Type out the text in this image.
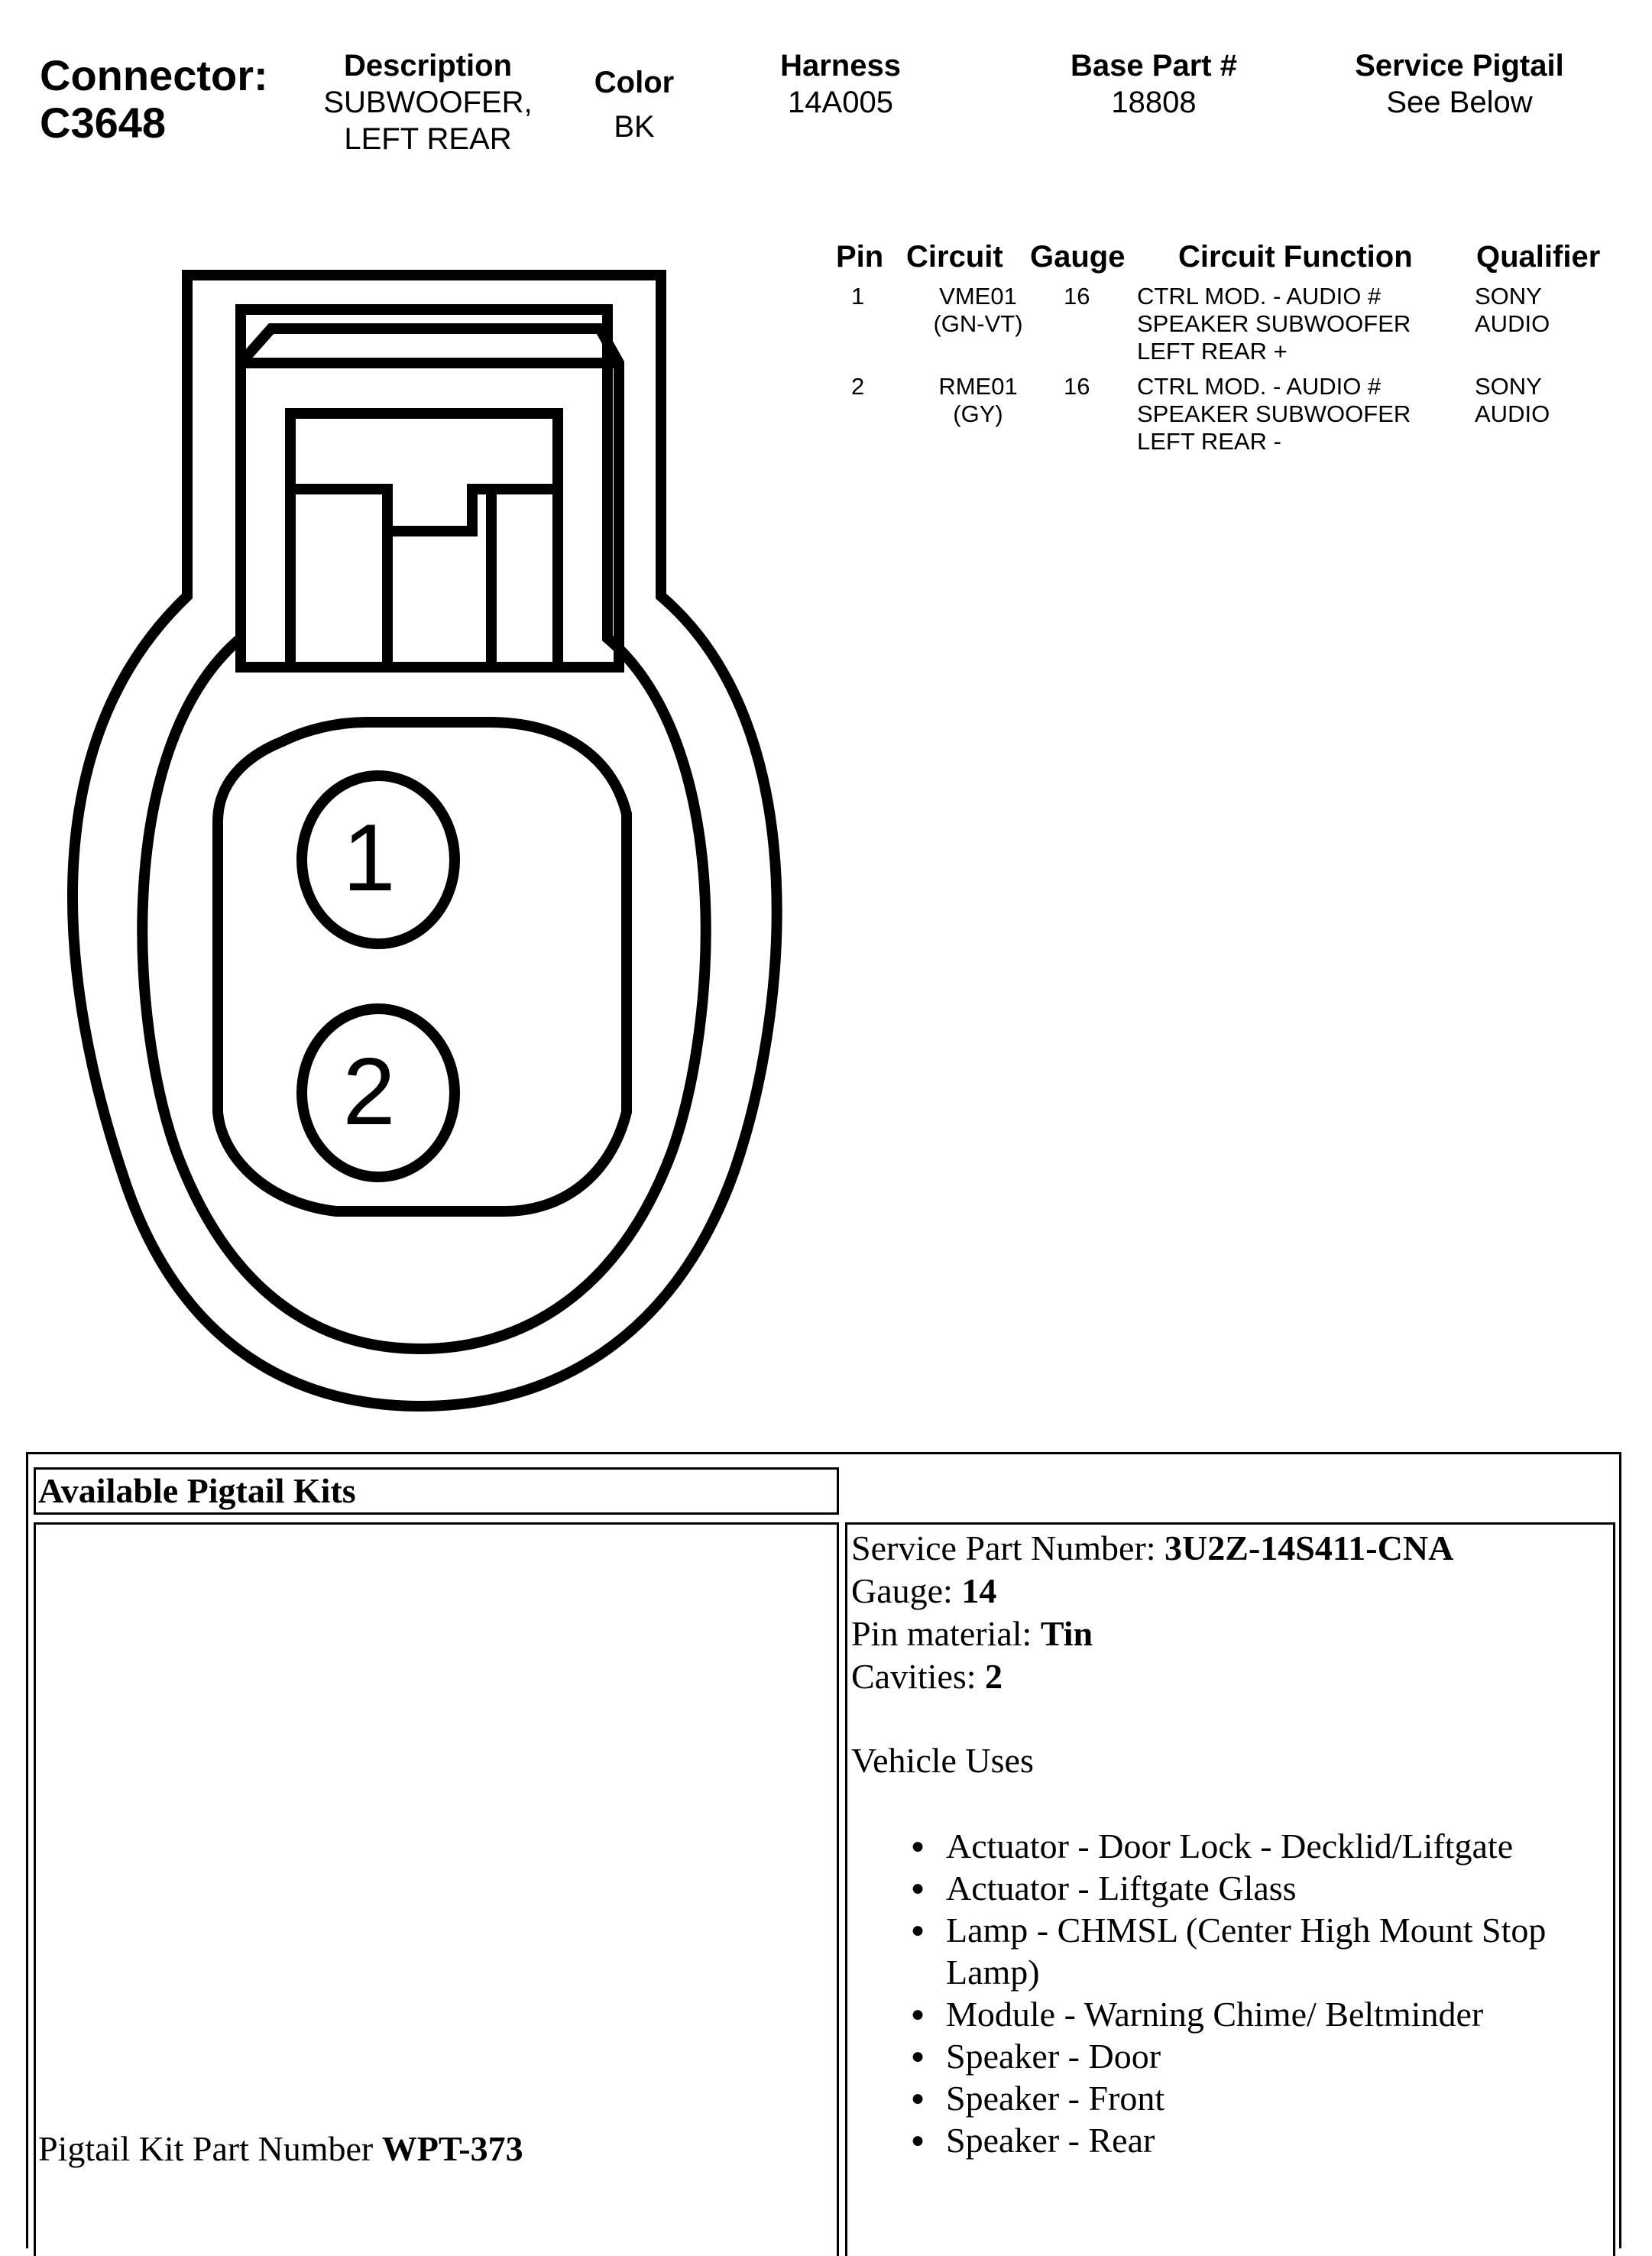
Connector:
C3648
Description
SUBWOOFER,
LEFT REAR
Color
BK
Harness
14A005
Base Part #
18808
Service Pigtail
See Below
Pin Circuit Gauge Circuit Function Qualifier
1	VME01
(GN-VT)
16 CTRL MOD. - AUDIO #
SPEAKER SUBWOOFER
LEFT REAR +
SONY
AUDIO
2	RME01
(GY)
16 CTRL MOD. - AUDIO #
SPEAKER SUBWOOFER
LEFT REAR -
SONY
AUDIO
1
2
Available Pigtail Kits
Service Part Number: 3U2Z-14S411-CNA
Gauge: 14
Pin material: Tin
Cavities: 2
Vehicle Uses
● Actuator - Door Lock - Decklid/Liftgate
● Actuator - Liftgate Glass
● Lamp - CHMSL (Center High Mount Stop Lamp)
● Module - Warning Chime/ Beltminder
● Speaker - Door
● Speaker - Front
● Speaker - Rear
Pigtail Kit Part Number WPT-373
